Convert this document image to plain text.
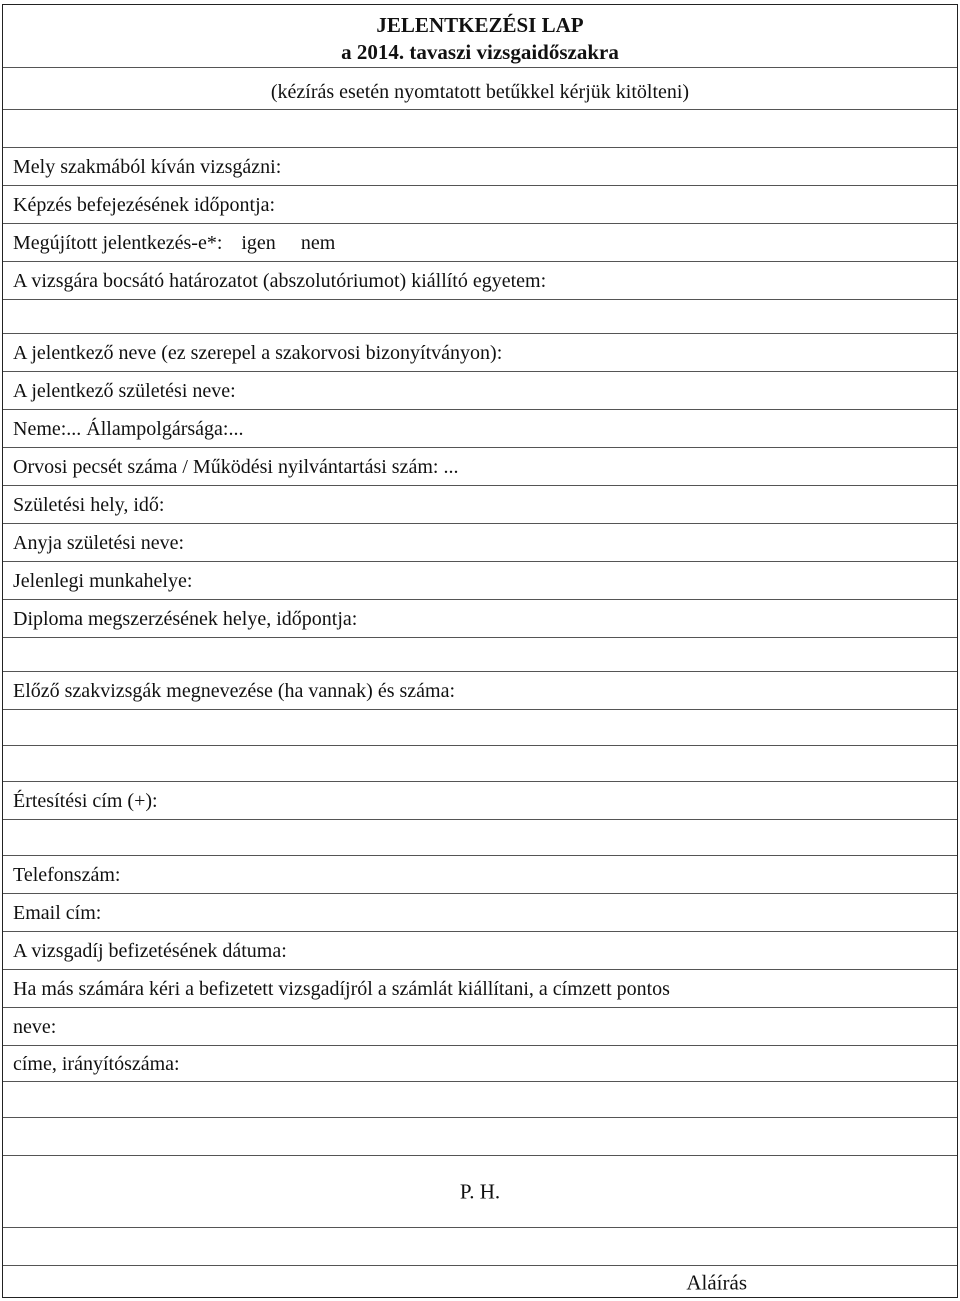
JELENTKEZÉSI LAP
a 2014. tavaszi vizsgaidőszakra
(kézírás esetén nyomtatott betűkkel kérjük kitölteni)
Mely szakmából kíván vizsgázni:
Képzés befejezésének időpontja:
Megújított jelentkezés-e*: igen nem
A vizsgára bocsátó határozatot (abszolutóriumot) kiállító egyetem:
A jelentkező neve (ez szerepel a szakorvosi bizonyítványon):
A jelentkező születési neve:
Neme:... Állampolgársága:...
Orvosi pecsét száma / Működési nyilvántartási szám: ...
Születési hely, idő:
Anyja születési neve:
Jelenlegi munkahelye:
Diploma megszerzésének helye, időpontja:
Előző szakvizsgák megnevezése (ha vannak) és száma:
Értesítési cím (+):
Telefonszám:
Email cím:
A vizsgadíj befizetésének dátuma:
Ha más számára kéri a befizetett vizsgadíjról a számlát kiállítani, a címzett pontos
neve:
címe, irányítószáma:
P. H.
Aláírás
